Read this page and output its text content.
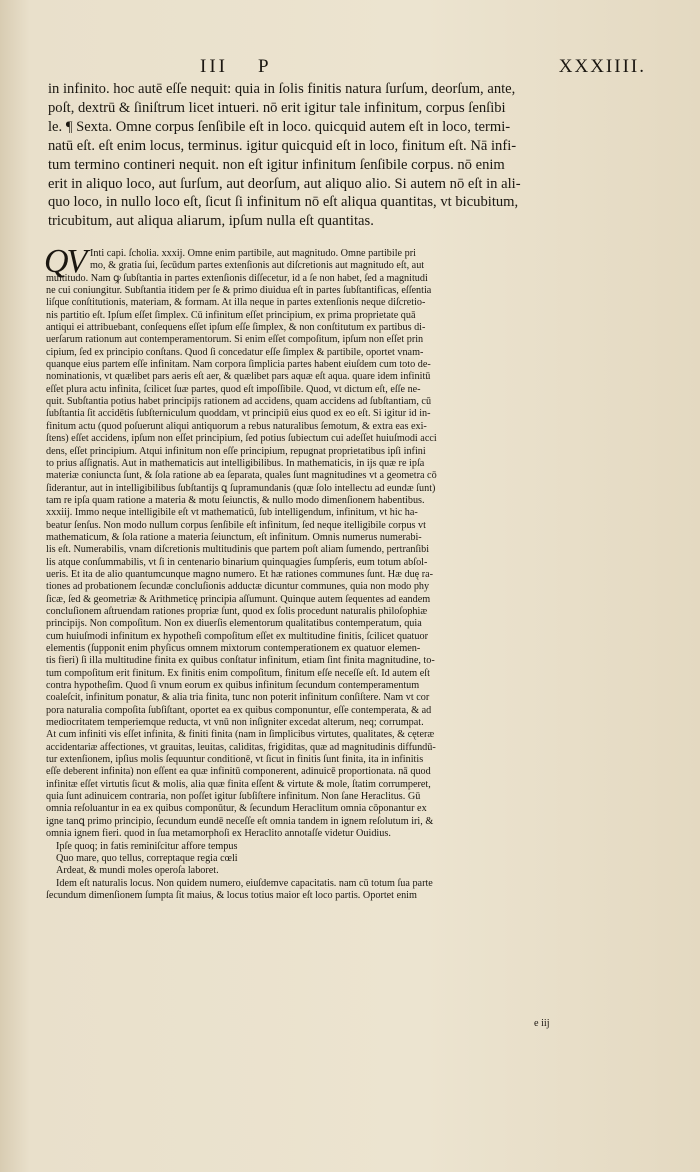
III P	XXXIIII.
in infinito. hoc autē eſſe nequit: quia in ſolis finitis natura ſurſum, deorſum, ante,
poſt, dextrū & ſiniſtrum licet intueri. nō erit igitur tale infinitum, corpus ſenſibi
le. ¶ Sexta. Omne corpus ſenſibile eſt in loco. quicquid autem eſt in loco, termi-
natū eſt. eſt enim locus, terminus. igitur quicquid eſt in loco, finitum eſt. Nā infi-
tum termino contineri nequit. non eſt igitur infinitum ſenſibile corpus. nō enim
erit in aliquo loco, aut ſurſum, aut deorſum, aut aliquo alio. Si autem nō eſt in ali-
quo loco, in nullo loco eſt, ſicut ſi infinitum nō eſt aliqua quantitas, vt bicubitum,
tricubitum, aut aliqua aliarum, ipſum nulla eſt quantitas.
QV Inti capi. ſcholia. xxxij. Omne enim partibile, aut magnitudo. Omne partibile pri
mo, & gratia ſui, ſecūdum partes extenſionis aut diſcretionis aut magnitudo eſt, aut
multitudo. Nam ꝙ ſubſtantia in partes extenſionis diſſecetur, id a ſe non habet, ſed a magnitudi
ne cui coniungitur. Subſtantia itidem per ſe & primo diuidua eſt in partes ſubſtantificas, eſſentia
liſque conſtitutionis, materiam, & formam. At illa neque in partes extenſionis neque diſcretio-
nis partitio eſt. Ipſum eſſet ſimplex. Cū infinitum eſſet principium, ex prima proprietate quā
antiqui ei attribuebant, conſequens eſſet ipſum eſſe ſimplex, & non conſtitutum ex partibus di-
uerſarum rationum aut contemperamentorum. Si enim eſſet compoſitum, ipſum non eſſet prin
cipium, ſed ex principio conſtans. Quod ſi concedatur eſſe ſimplex & partibile, oportet vnam-
quanque eius partem eſſe infinitam. Nam corpora ſimplicia partes habent eiuſdem cum toto de-
nominationis, vt quælibet pars aeris eſt aer, & quælibet pars aquæ eſt aqua. quare idem infinitū
eſſet plura actu infinita, ſcilicet ſuæ partes, quod eſt impoſſibile. Quod, vt dictum eſt, eſſe ne-
quit. Subſtantia potius habet principijs rationem ad accidens, quam accidens ad ſubſtantiam, cū
ſubſtantia ſit accidētis ſubſterniculum quoddam, vt principiū eius quod ex eo eſt. Si igitur id in-
finitum actu (quod poſuerunt aliqui antiquorum a rebus naturalibus ſemotum, & extra eas exi-
ſtens) eſſet accidens, ipſum non eſſet principium, ſed potius ſubiectum cui adeſſet huiuſmodi acci
dens, eſſet principium. Atqui infinitum non eſſe principium, repugnat proprietatibus ipſi infini
to prius aſſignatis. Aut in mathematicis aut intelligibilibus. In mathematicis, in ijs quæ re ipſa
materiæ coniuncta ſunt, & ſola ratione ab ea ſeparata, quales ſunt magnitudines vt a geometra cō
ſiderantur, aut in intelligibilibus ſubſtantijs ꝗ ſupramundanis (quæ ſolo intellectu ad eundæ ſunt)
tam re ipſa quam ratione a materia & motu ſeiunctis, & nullo modo dimenſionem habentibus.
xxxiij. Immo neque intelligibile eſt vt mathematicū, ſub intelligendum, infinitum, vt hic ha-
beatur ſenſus. Non modo nullum corpus ſenſibile eſt infinitum, ſed neque itelligibile corpus vt
mathematicum, & ſola ratione a materia ſeiunctum, eſt infinitum. Omnis numerus numerabi-
lis eſt. Numerabilis, vnam diſcretionis multitudinis que partem poſt aliam ſumendo, pertranſibi
lis atque conſummabilis, vt ſi in centenario binarium quinquagies ſumpſeris, eum totum abſol-
ueris. Et ita de alio quantumcunque magno numero. Et hæ rationes communes ſunt. Hæ duę ra-
tiones ad probationem ſecundæ concluſionis adductæ dicuntur communes, quia non modo phy
ſicæ, ſed & geometriæ & Arithmeticę principia aſſumunt. Quinque autem ſequentes ad eandem
concluſionem aſtruendam rationes propriæ ſunt, quod ex ſolis procedunt naturalis philoſophiæ
principijs. Non compoſitum. Non ex diuerſis elementorum qualitatibus contemperatum, quia
cum huiuſmodi infinitum ex hypotheſi compoſitum eſſet ex multitudine finitis, ſcilicet quatuor
elementis (ſupponit enim phyſicus omnem mixtorum contemperationem ex quatuor elemen-
tis fieri) ſi illa multitudine finita ex quibus conſtatur infinitum, etiam ſint finita magnitudine, to-
tum compoſitum erit finitum. Ex finitis enim compoſitum, finitum eſſe neceſſe eſt. Id autem eſt
contra hypotheſim. Quod ſi vnum eorum ex quibus infinitum ſecundum contemperamentum
coaleſcit, infinitum ponatur, & alia tria finita, tunc non poterit infinitum conſiſtere. Nam vt cor
pora naturalia compoſita ſubſiſtant, oportet ea ex quibus componuntur, eſſe contemperata, & ad
mediocritatem temperiemque reducta, vt vnū non inſigniter excedat alterum, neq; corrumpat.
At cum infiniti vis eſſet infinita, & finiti finita (nam in ſimplicibus virtutes, qualitates, & cęteræ
accidentariæ affectiones, vt grauitas, leuitas, caliditas, frigiditas, quæ ad magnitudinis diffundū-
tur extenſionem, ipſius molis ſequuntur conditionē, vt ſicut in finitis ſunt finita, ita in infinitis
eſſe deberent infinita) non eſſent ea quæ infinitū componerent, adinuicē proportionata. nā quod
infinitæ eſſet virtutis ſicut & molis, alia quæ finita eſſent & virtute & mole, ſtatim corrumperet,
quia ſunt adinuicem contraria, non poſſet igitur ſubſiſtere infinitum. Non ſane Heraclitus. Gū
omnia reſoluantur in ea ex quibus componūtur, & ſecundum Heraclitum omnia cōponantur ex
igne tanꝗ primo principio, ſecundum eundē neceſſe eſt omnia tandem in ignem reſolutum iri, &
omnia ignem fieri. quod in ſua metamorphoſi ex Heraclito annotaſſe videtur Ouidius.
Ipſe quoq; in fatis reminiſcitur affore tempus
Quo mare, quo tellus, correptaque regia cœli
Ardeat, & mundi moles operoſa laboret.
Idem eſt naturalis locus. Non quidem numero, eiuſdemve capacitatis. nam cū totum ſua parte
ſecundum dimenſionem ſumpta ſit maius, & locus totius maior eſt loco partis. Oportet enim
e iij
